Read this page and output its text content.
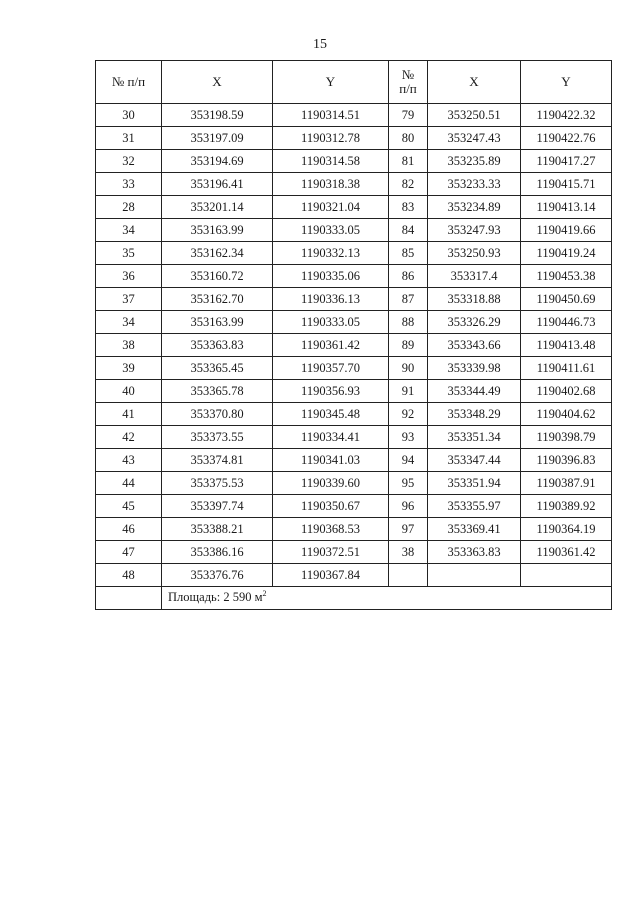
15
№ п/п	X	Y	№
п/п	X	Y
30	353198.59	1190314.51	79	353250.51	1190422.32
31	353197.09	1190312.78	80	353247.43	1190422.76
32	353194.69	1190314.58	81	353235.89	1190417.27
33	353196.41	1190318.38	82	353233.33	1190415.71
28	353201.14	1190321.04	83	353234.89	1190413.14
34	353163.99	1190333.05	84	353247.93	1190419.66
35	353162.34	1190332.13	85	353250.93	1190419.24
36	353160.72	1190335.06	86	353317.4	1190453.38
37	353162.70	1190336.13	87	353318.88	1190450.69
34	353163.99	1190333.05	88	353326.29	1190446.73
38	353363.83	1190361.42	89	353343.66	1190413.48
39	353365.45	1190357.70	90	353339.98	1190411.61
40	353365.78	1190356.93	91	353344.49	1190402.68
41	353370.80	1190345.48	92	353348.29	1190404.62
42	353373.55	1190334.41	93	353351.34	1190398.79
43	353374.81	1190341.03	94	353347.44	1190396.83
44	353375.53	1190339.60	95	353351.94	1190387.91
45	353397.74	1190350.67	96	353355.97	1190389.92
46	353388.21	1190368.53	97	353369.41	1190364.19
47	353386.16	1190372.51	38	353363.83	1190361.42
48	353376.76	1190367.84			
	Площадь: 2 590 $м^2$
